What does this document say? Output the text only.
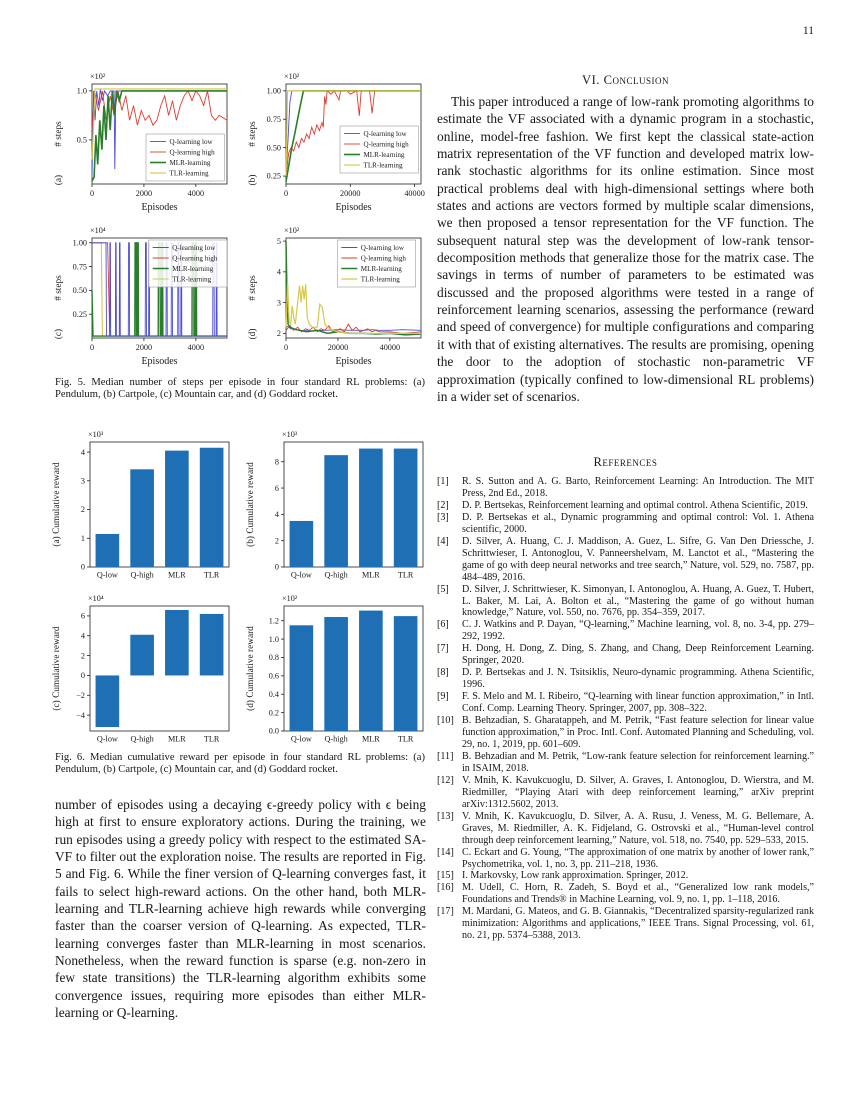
11
0.5
1.0
×10²
# steps
(a)
0	2000	4000
Episodes
Q-learning low
Q-learning high
MLR-learning
TLR-learning	0.25
0.50
0.75
1.00
×10²
# steps
(b)
0	20000	40000
Episodes
Q-learning low
Q-learning high
MLR-learning
TLR-learning
0.25
0.50
0.75
1.00
×10⁴
# steps
(c)
0	2000	4000
Episodes
Q-learning low
Q-learning high
MLR-learning
TLR-learning
2
3
4
5
×10²
# steps
(d)
0	20000	40000
Episodes
Q-learning low
Q-learning high
MLR-learning
TLR-learning
Fig. 5. Median number of steps per episode in four standard RL problems: (a) Pendulum, (b) Cartpole, (c) Mountain car, and (d) Goddard rocket.
0
1
2
3
4
×10³
(a) Cumulative reward
Q-low Q-high MLR TLR
0
2
4
6
8
×10³
(b) Cumulative reward
Q-low Q-high MLR TLR
−4
−2
0
2
4
6
×10⁴
(c) Cumulative reward
Q-low Q-high MLR TLR
0.0
0.2
0.4
0.6
0.8
1.0
1.2
×10²
(d) Cumulative reward
Q-low Q-high MLR TLR
Fig. 6. Median cumulative reward per episode in four standard RL problems: (a) Pendulum, (b) Cartpole, (c) Mountain car, and (d) Goddard rocket.
number of episodes using a decaying ϵ-greedy policy with ϵ being high at first to ensure exploratory actions. During the training, we run episodes using a greedy policy with respect to the estimated SA-VF to filter out the exploration noise. The results are reported in Fig. 5 and Fig. 6. While the finer version of Q-learning converges fast, it fails to select high-reward actions. On the other hand, both MLR-learning and TLR-learning achieve high rewards while converging faster than the coarser version of Q-learning. As expected, TLR-learning converges faster than MLR-learning in most scenarios. Nonetheless, when the reward function is sparse (e.g. non-zero in few state transitions) the TLR-learning algorithm exhibits some convergence issues, requiring more episodes than either MLR-learning or Q-learning.
VI. Conclusion
This paper introduced a range of low-rank promoting algorithms to estimate the VF associated with a dynamic program in a stochastic, online, model-free fashion. We first kept the classical state-action matrix representation of the VF function and developed matrix low-rank stochastic algorithms for its online estimation. Since most practical problems deal with high-dimensional settings where both states and actions are vectors formed by multiple scalar dimensions, we then proposed a tensor representation for the VF function. The subsequent natural step was the development of low-rank tensor-decomposition methods that generalize those for the matrix case. The savings in terms of number of parameters to be estimated was discussed and the proposed algorithms were tested in a range of reinforcement learning scenarios, assessing the performance (reward and speed of convergence) for multiple configurations and comparing it with that of existing alternatives. The results are promising, opening the door to the adoption of stochastic non-parametric VF approximation (typically confined to low-dimensional RL problems) in a wider set of scenarios.
References
[1]	R. S. Sutton and A. G. Barto, Reinforcement Learning: An Introduction. The MIT Press, 2nd Ed., 2018.
[2]	D. P. Bertsekas, Reinforcement learning and optimal control. Athena Scientific, 2019.
[3]	D. P. Bertsekas et al., Dynamic programming and optimal control: Vol. 1. Athena scientific, 2000.
[4]	D. Silver, A. Huang, C. J. Maddison, A. Guez, L. Sifre, G. Van Den Driessche, J. Schrittwieser, I. Antonoglou, V. Panneershelvam, M. Lanctot et al., “Mastering the game of go with deep neural networks and tree search,” Nature, vol. 529, no. 7587, pp. 484–489, 2016.
[5]	D. Silver, J. Schrittwieser, K. Simonyan, I. Antonoglou, A. Huang, A. Guez, T. Hubert, L. Baker, M. Lai, A. Bolton et al., “Mastering the game of go without human knowledge,” Nature, vol. 550, no. 7676, pp. 354–359, 2017.
[6]	C. J. Watkins and P. Dayan, “Q-learning,” Machine learning, vol. 8, no. 3-4, pp. 279–292, 1992.
[7]	H. Dong, H. Dong, Z. Ding, S. Zhang, and Chang, Deep Reinforcement Learning. Springer, 2020.
[8]	D. P. Bertsekas and J. N. Tsitsiklis, Neuro-dynamic programming. Athena Scientific, 1996.
[9]	F. S. Melo and M. I. Ribeiro, “Q-learning with linear function approximation,” in Intl. Conf. Comp. Learning Theory. Springer, 2007, pp. 308–322.
[10] B. Behzadian, S. Gharatappeh, and M. Petrik, “Fast feature selection for linear value function approximation,” in Proc. Intl. Conf. Automated Planning and Scheduling, vol. 29, no. 1, 2019, pp. 601–609.
[11] B. Behzadian and M. Petrik, “Low-rank feature selection for reinforcement learning.” in ISAIM, 2018.
[12] V. Mnih, K. Kavukcuoglu, D. Silver, A. Graves, I. Antonoglou, D. Wierstra, and M. Riedmiller, “Playing Atari with deep reinforcement learning,” arXiv preprint arXiv:1312.5602, 2013.
[13] V. Mnih, K. Kavukcuoglu, D. Silver, A. A. Rusu, J. Veness, M. G. Bellemare, A. Graves, M. Riedmiller, A. K. Fidjeland, G. Ostrovski et al., “Human-level control through deep reinforcement learning,” Nature, vol. 518, no. 7540, pp. 529–533, 2015.
[14] C. Eckart and G. Young, “The approximation of one matrix by another of lower rank,” Psychometrika, vol. 1, no. 3, pp. 211–218, 1936.
[15] I. Markovsky, Low rank approximation. Springer, 2012.
[16] M. Udell, C. Horn, R. Zadeh, S. Boyd et al., “Generalized low rank models,” Foundations and Trends® in Machine Learning, vol. 9, no. 1, pp. 1–118, 2016.
[17] M. Mardani, G. Mateos, and G. B. Giannakis, “Decentralized sparsity-regularized rank minimization: Algorithms and applications,” IEEE Trans. Signal Processing, vol. 61, no. 21, pp. 5374–5388, 2013.
